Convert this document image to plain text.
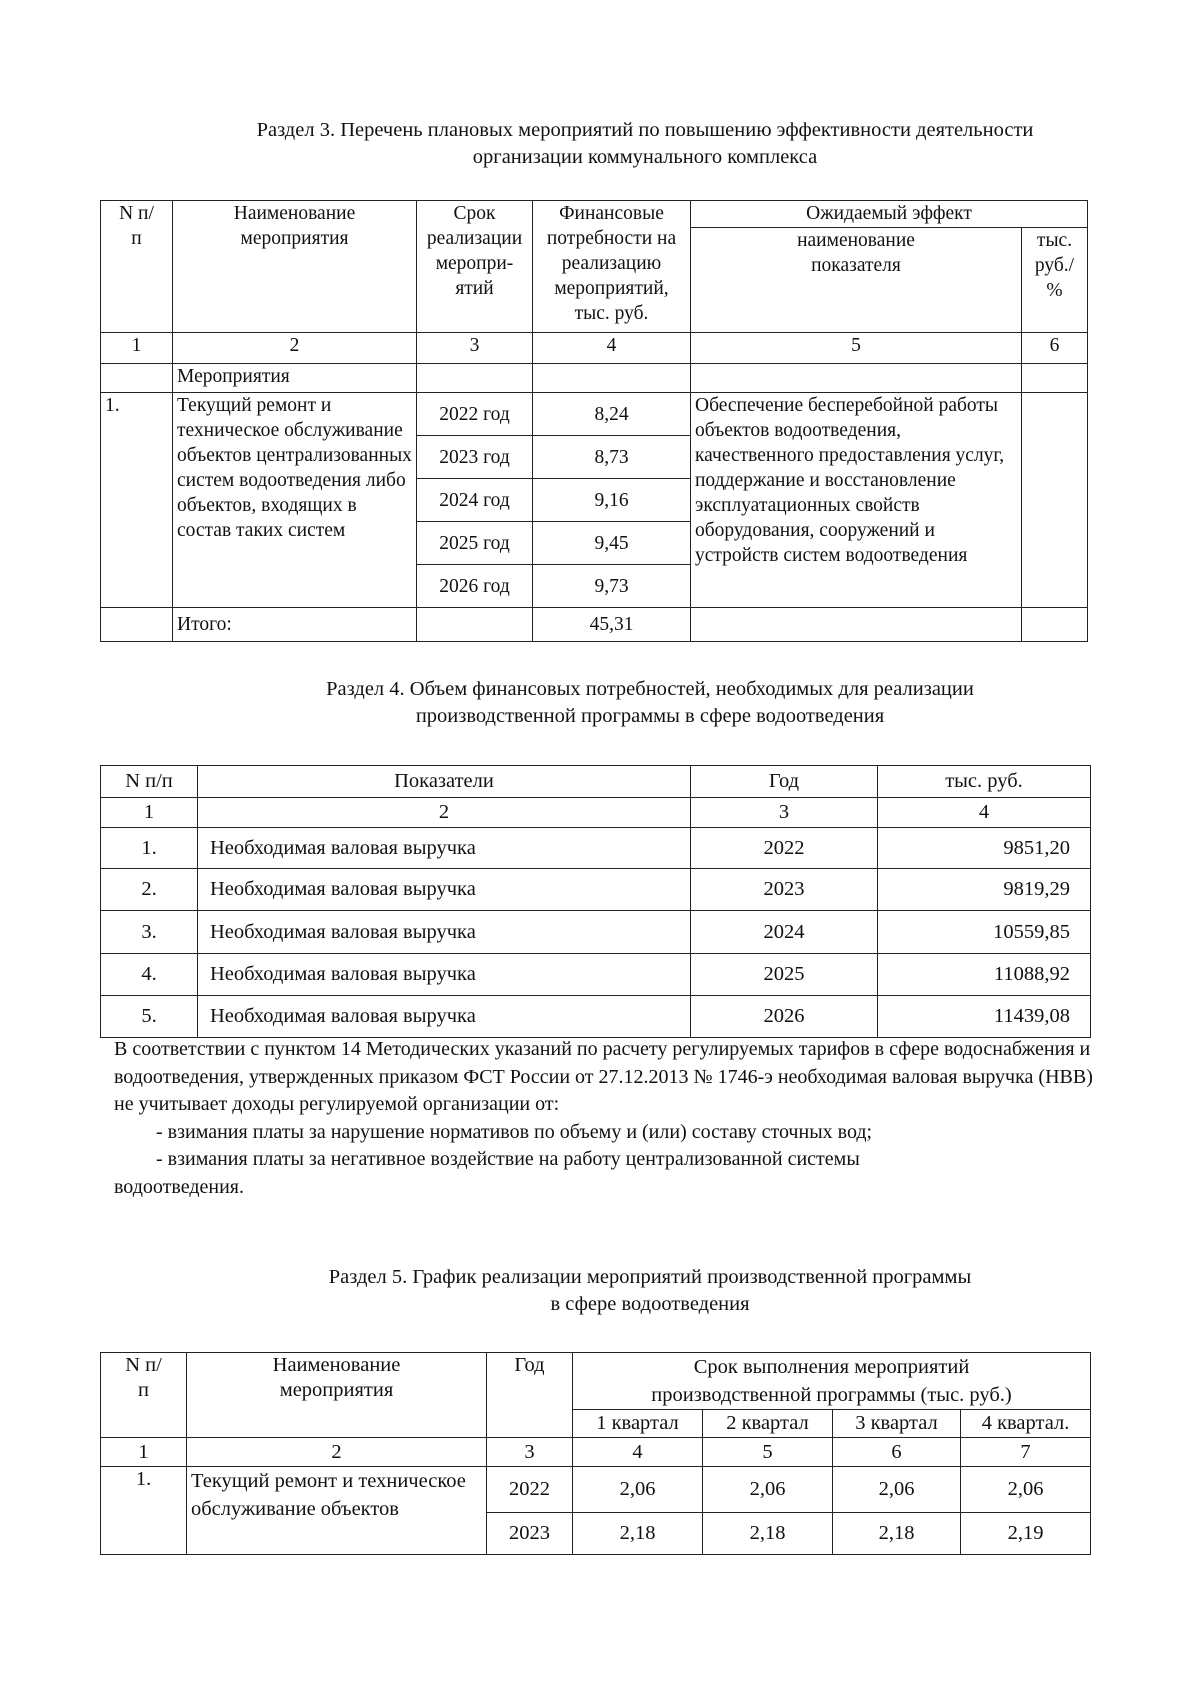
Раздел 3. Перечень плановых мероприятий по повышению эффективности деятельности
организации коммунального комплекса
N п/п	Наименование мероприятия	Срок реализации меропри-ятий	Финансовые потребности на реализацию мероприятий, тыс. руб.	Ожидаемый эффект	
				наименование показателя	тыс. руб./ %
1	2	3	4	5	6
	Мероприятия				
1.	Текущий ремонт и техническое обслуживание объектов централизованных систем водоотведения либо объектов, входящих в состав таких систем	2022 год	8,24	Обеспечение бесперебойной работы объектов водоотведения, качественного предоставления услуг, поддержание и восстановление эксплуатационных свойств оборудования, сооружений и устройств систем водоотведения	
		2023 год	8,73		
		2024 год	9,16		
		2025 год	9,45		
		2026 год	9,73		
	Итого:		45,31		
Раздел 4. Объем финансовых потребностей, необходимых для реализации
производственной программы в сфере водоотведения
N п/п	Показатели	Год	тыс. руб.
1	2	3	4
1.	Необходимая валовая выручка	2022	9851,20
2.	Необходимая валовая выручка	2023	9819,29
3.	Необходимая валовая выручка	2024	10559,85
4.	Необходимая валовая выручка	2025	11088,92
5.	Необходимая валовая выручка	2026	11439,08
В соответствии с пунктом 14 Методических указаний по расчету регулируемых тарифов в сфере водоснабжения и водоотведения, утвержденных приказом ФСТ России от 27.12.2013 № 1746-э необходимая валовая выручка (НВВ) не учитывает доходы регулируемой организации от:
- взимания платы за нарушение нормативов по объему и (или) составу сточных вод;
- взимания платы за негативное воздействие на работу централизованной системы
водоотведения.
Раздел 5. График реализации мероприятий производственной программы
в сфере водоотведения
N п/п	Наименование мероприятия	Год	Срок выполнения мероприятий производственной программы (тыс. руб.)			
			1 квартал	2 квартал	3 квартал	4 квартал.
1	2	3	4	5	6	7
1.	Текущий ремонт и техническое обслуживание объектов	2022	2,06	2,06	2,06	2,06
		2023	2,18	2,18	2,18	2,19
